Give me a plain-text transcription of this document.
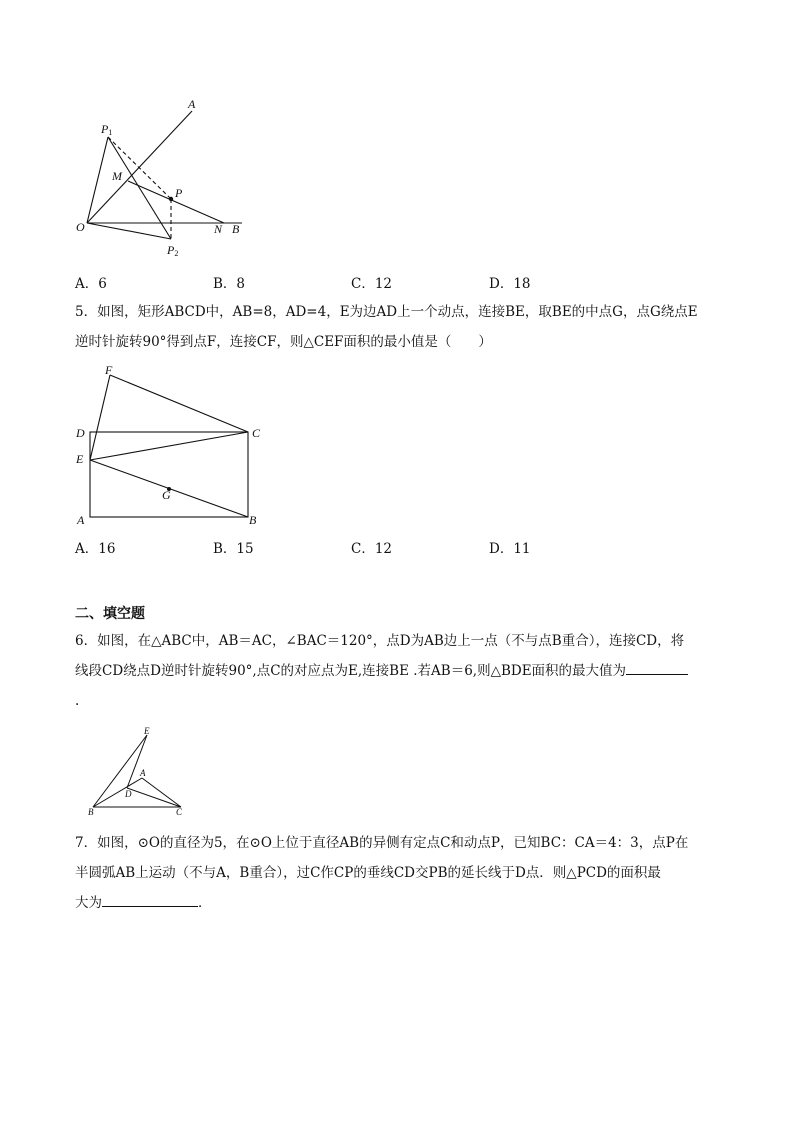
A
P1
M
P
O	N B
P2
A．6	B．8	C．12	D．18

5．如图，矩形ABCD中，AB=8，AD=4，E为边AD上一个动点，连接BE，取BE的中点G，点G绕点E

逆时针旋转90°得到点F，连接CF，则△CEF面积的最小值是（　　）

F
D	C
E
G
A	B
A．16	B．15	C．12	D．11
二、填空题

6．如图，在△ABC中，AB＝AC，∠BAC＝120°，点D为AB边上一点（不与点B重合），连接CD，将

线段CD绕点D逆时针旋转90°,点C的对应点为E,连接BE .若AB＝6,则△BDE面积的最大值为

.

E
A
D
B	C

7．如图，⊙O的直径为5，在⊙O上位于直径AB的异侧有定点C和动点P，已知BC：CA＝4：3，点P在

半圆弧AB上运动（不与A，B重合），过C作CP的垂线CD交PB的延长线于D点．则△PCD的面积最

大为	．
